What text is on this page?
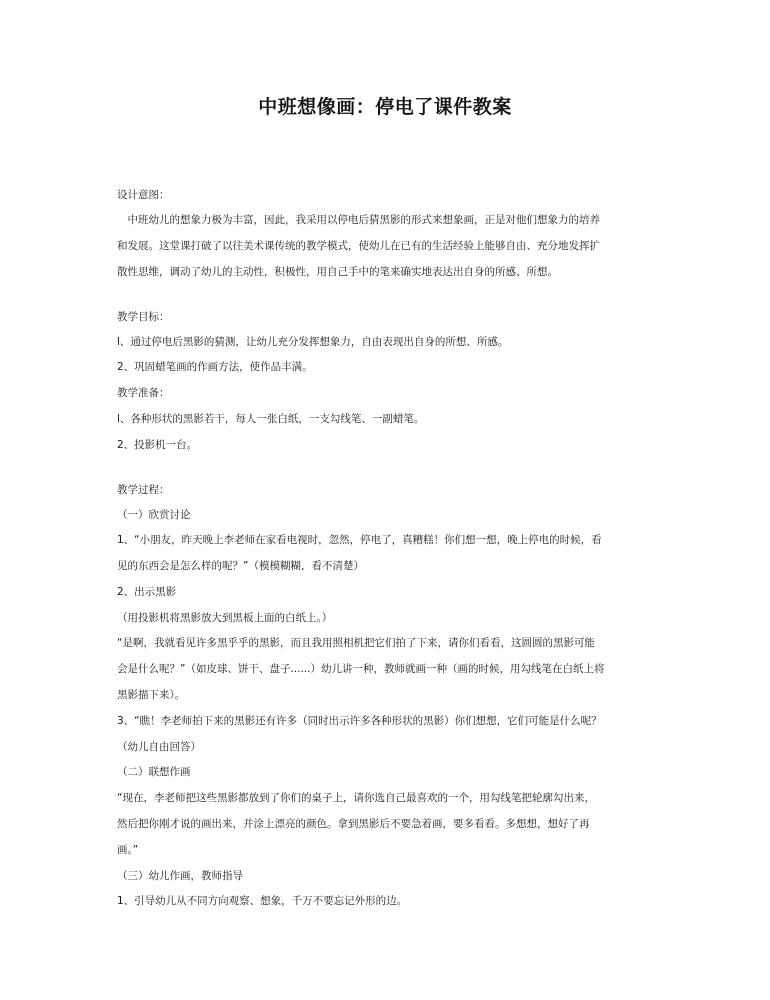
中班想像画：停电了课件教案
设计意图：
　中班幼儿的想象力极为丰富，因此，我采用以停电后猜黑影的形式来想象画，正是对他们想象力的培养
和发展。这堂课打破了以往美术课传统的教学模式，使幼儿在已有的生活经验上能够自由、充分地发挥扩
散性思维，调动了幼儿的主动性，积极性，用自己手中的笔来确实地表达出自身的所感、所想。
教学目标：
l、通过停电后黑影的猜测，让幼儿充分发挥想象力，自由表现出自身的所想、所感。
2、巩固蜡笔画的作画方法，使作品丰满。
教学准备：
l、各种形状的黑影若干，每人一张白纸，一支勾线笔、一副蜡笔。
2、投影机一台。
教学过程：
（一）欣赏讨论
1、“小朋友，昨天晚上李老师在家看电视时，忽然，停电了，真糟糕！你们想一想，晚上停电的时候，看
见的东西会是怎么样的呢？”（模模糊糊，看不清楚）
2、出示黑影
（用投影机将黑影放大到黑板上面的白纸上。）
“是啊，我就看见许多黑乎乎的黑影，而且我用照相机把它们拍了下来，请你们看看，这圆圆的黑影可能
会是什么呢？”（如皮球、饼干、盘子......）幼儿讲一种，教师就画一种（画的时候，用勾线笔在白纸上将
黑影描下来）。
3、“瞧！李老师拍下来的黑影还有许多（同时出示许多各种形状的黑影）你们想想，它们可能是什么呢？
（幼儿自由回答）
（二）联想作画
“现在，李老师把这些黑影都放到了你们的桌子上，请你选自己最喜欢的一个，用勾线笔把轮廓勾出来，
然后把你刚才说的画出来，并涂上漂亮的颜色。拿到黑影后不要急着画，要多看看。多想想，想好了再
画。”
（三）幼儿作画，教师指导
1、引导幼儿从不同方向观察、想象，千万不要忘记外形的边。
